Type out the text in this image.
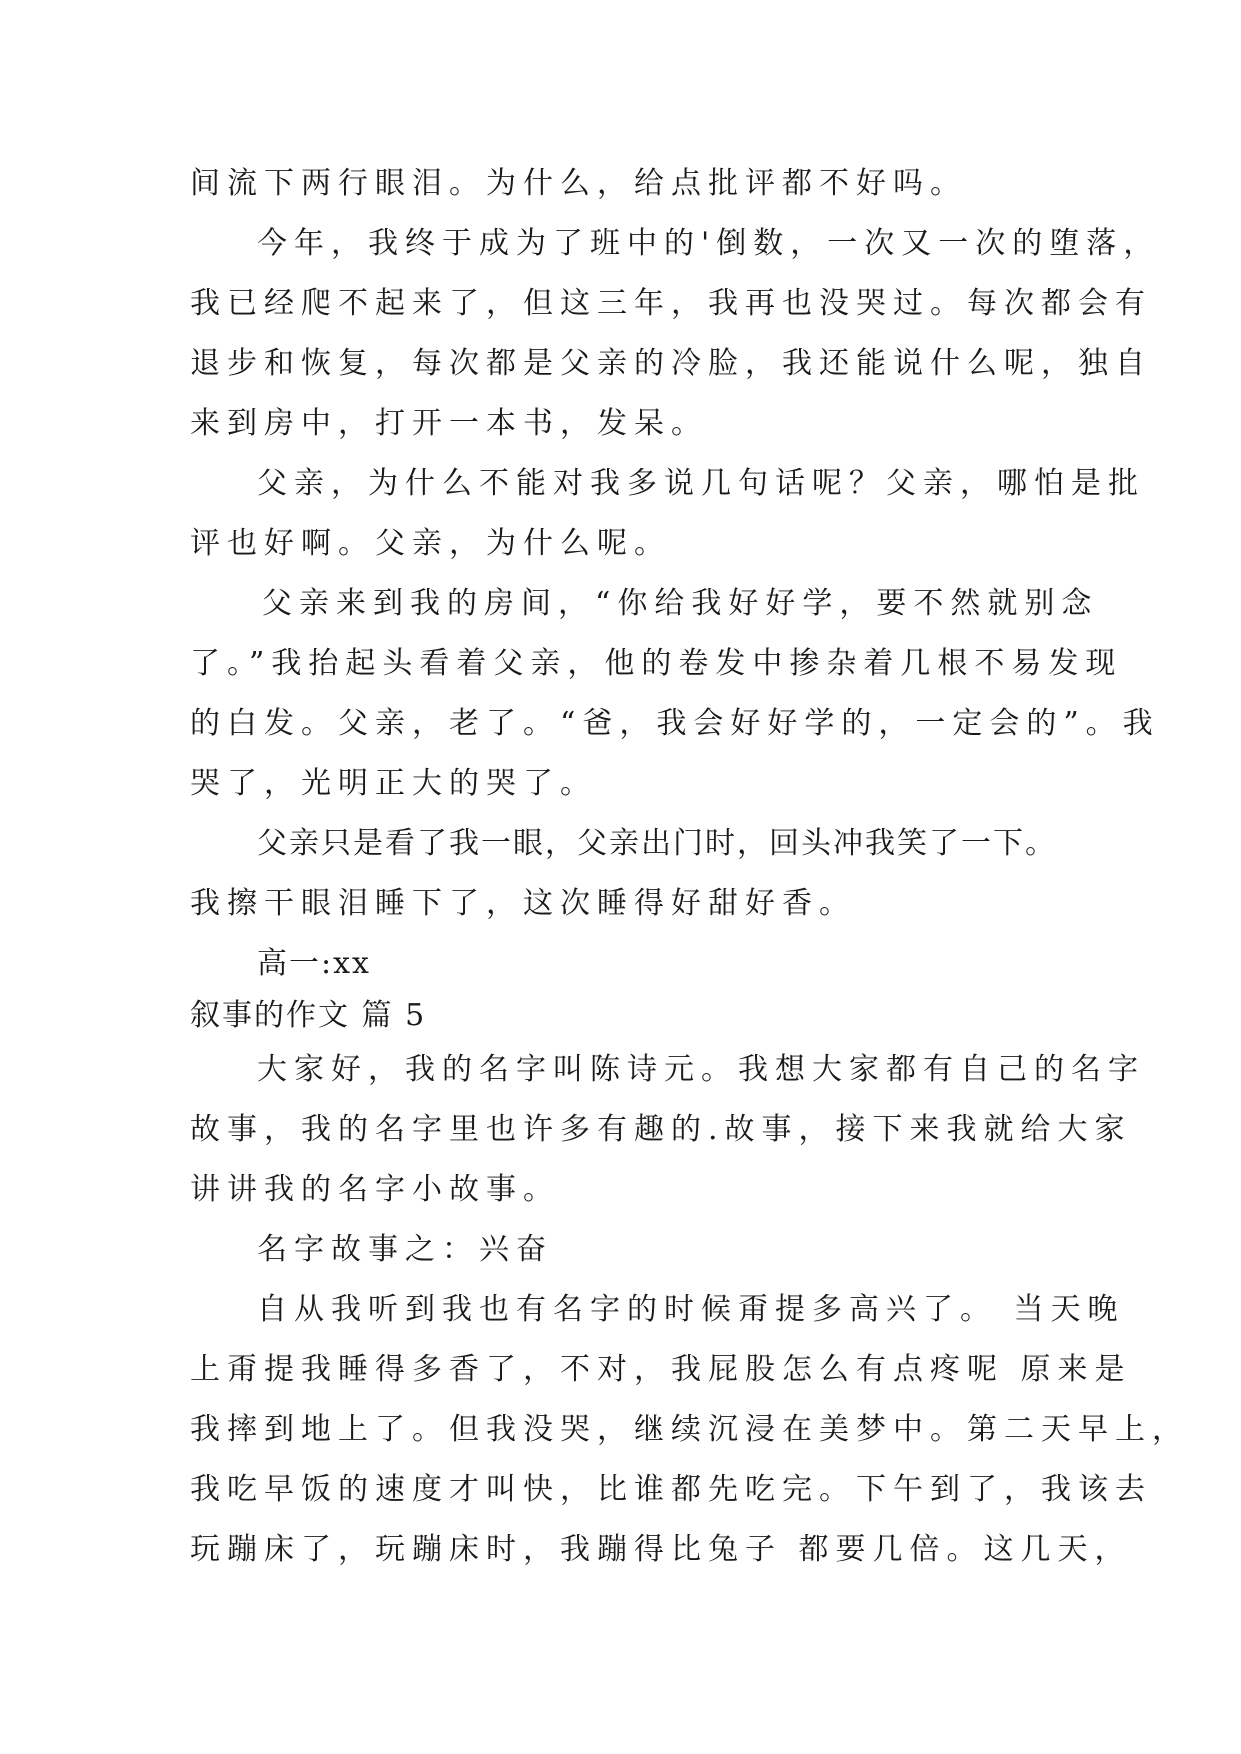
间流下两行眼泪。为什么，给点批评都不好吗。
今年，我终于成为了班中的'倒数，一次又一次的堕落，
我已经爬不起来了，但这三年，我再也没哭过。每次都会有
退步和恢复，每次都是父亲的冷脸，我还能说什么呢，独自
来到房中，打开一本书，发呆。
父亲，为什么不能对我多说几句话呢？父亲，哪怕是批
评也好啊。父亲，为什么呢。
父亲来到我的房间，“你给我好好学，要不然就别念
了。”我抬起头看着父亲，他的卷发中掺杂着几根不易发现
的白发。父亲，老了。“爸，我会好好学的，一定会的”。我
哭了，光明正大的哭了。
父亲只是看了我一眼，父亲出门时，回头冲我笑了一下。
我擦干眼泪睡下了，这次睡得好甜好香。
高一:xx
叙事的作文 篇 5
大家好，我的名字叫陈诗元。我想大家都有自己的名字
故事，我的名字里也许多有趣的.故事，接下来我就给大家
讲讲我的名字小故事。
名字故事之：兴奋
自从我听到我也有名字的时候甭提多高兴了。 当天晚
上甭提我睡得多香了，不对，我屁股怎么有点疼呢 原来是
我摔到地上了。但我没哭，继续沉浸在美梦中。第二天早上，
我吃早饭的速度才叫快，比谁都先吃完。下午到了，我该去
玩蹦床了，玩蹦床时，我蹦得比兔子 都要几倍。这几天，
